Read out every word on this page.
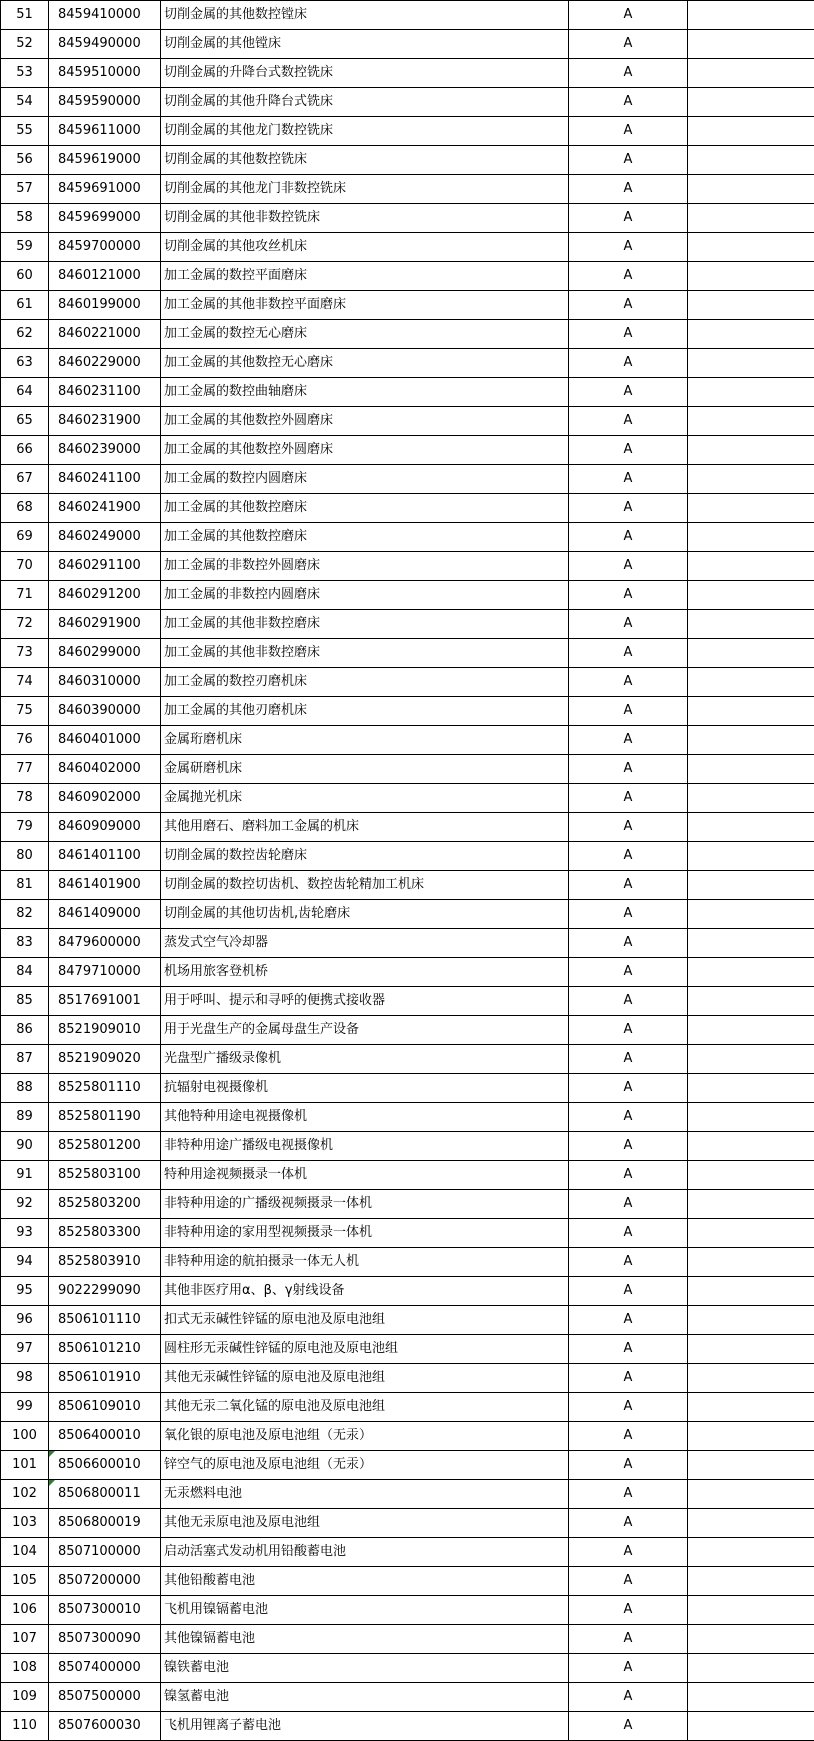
51	8459410000	切削金属的其他数控镗床	A	
52	8459490000	切削金属的其他镗床	A	
53	8459510000	切削金属的升降台式数控铣床	A	
54	8459590000	切削金属的其他升降台式铣床	A	
55	8459611000	切削金属的其他龙门数控铣床	A	
56	8459619000	切削金属的其他数控铣床	A	
57	8459691000	切削金属的其他龙门非数控铣床	A	
58	8459699000	切削金属的其他非数控铣床	A	
59	8459700000	切削金属的其他攻丝机床	A	
60	8460121000	加工金属的数控平面磨床	A	
61	8460199000	加工金属的其他非数控平面磨床	A	
62	8460221000	加工金属的数控无心磨床	A	
63	8460229000	加工金属的其他数控无心磨床	A	
64	8460231100	加工金属的数控曲轴磨床	A	
65	8460231900	加工金属的其他数控外圆磨床	A	
66	8460239000	加工金属的其他数控外圆磨床	A	
67	8460241100	加工金属的数控内圆磨床	A	
68	8460241900	加工金属的其他数控磨床	A	
69	8460249000	加工金属的其他数控磨床	A	
70	8460291100	加工金属的非数控外圆磨床	A	
71	8460291200	加工金属的非数控内圆磨床	A	
72	8460291900	加工金属的其他非数控磨床	A	
73	8460299000	加工金属的其他非数控磨床	A	
74	8460310000	加工金属的数控刃磨机床	A	
75	8460390000	加工金属的其他刃磨机床	A	
76	8460401000	金属珩磨机床	A	
77	8460402000	金属研磨机床	A	
78	8460902000	金属抛光机床	A	
79	8460909000	其他用磨石、磨料加工金属的机床	A	
80	8461401100	切削金属的数控齿轮磨床	A	
81	8461401900	切削金属的数控切齿机、数控齿轮精加工机床	A	
82	8461409000	切削金属的其他切齿机,齿轮磨床	A	
83	8479600000	蒸发式空气冷却器	A	
84	8479710000	机场用旅客登机桥	A	
85	8517691001	用于呼叫、提示和寻呼的便携式接收器	A	
86	8521909010	用于光盘生产的金属母盘生产设备	A	
87	8521909020	光盘型广播级录像机	A	
88	8525801110	抗辐射电视摄像机	A	
89	8525801190	其他特种用途电视摄像机	A	
90	8525801200	非特种用途广播级电视摄像机	A	
91	8525803100	特种用途视频摄录一体机	A	
92	8525803200	非特种用途的广播级视频摄录一体机	A	
93	8525803300	非特种用途的家用型视频摄录一体机	A	
94	8525803910	非特种用途的航拍摄录一体无人机	A	
95	9022299090	其他非医疗用α、β、γ射线设备	A	
96	8506101110	扣式无汞碱性锌锰的原电池及原电池组	A	
97	8506101210	圆柱形无汞碱性锌锰的原电池及原电池组	A	
98	8506101910	其他无汞碱性锌锰的原电池及原电池组	A	
99	8506109010	其他无汞二氧化锰的原电池及原电池组	A	
100	8506400010	氧化银的原电池及原电池组（无汞）	A	
101	8506600010	锌空气的原电池及原电池组（无汞）	A	
102	8506800011	无汞燃料电池	A	
103	8506800019	其他无汞原电池及原电池组	A	
104	8507100000	启动活塞式发动机用铅酸蓄电池	A	
105	8507200000	其他铅酸蓄电池	A	
106	8507300010	飞机用镍镉蓄电池	A	
107	8507300090	其他镍镉蓄电池	A	
108	8507400000	镍铁蓄电池	A	
109	8507500000	镍氢蓄电池	A	
110	8507600030	飞机用锂离子蓄电池	A	
